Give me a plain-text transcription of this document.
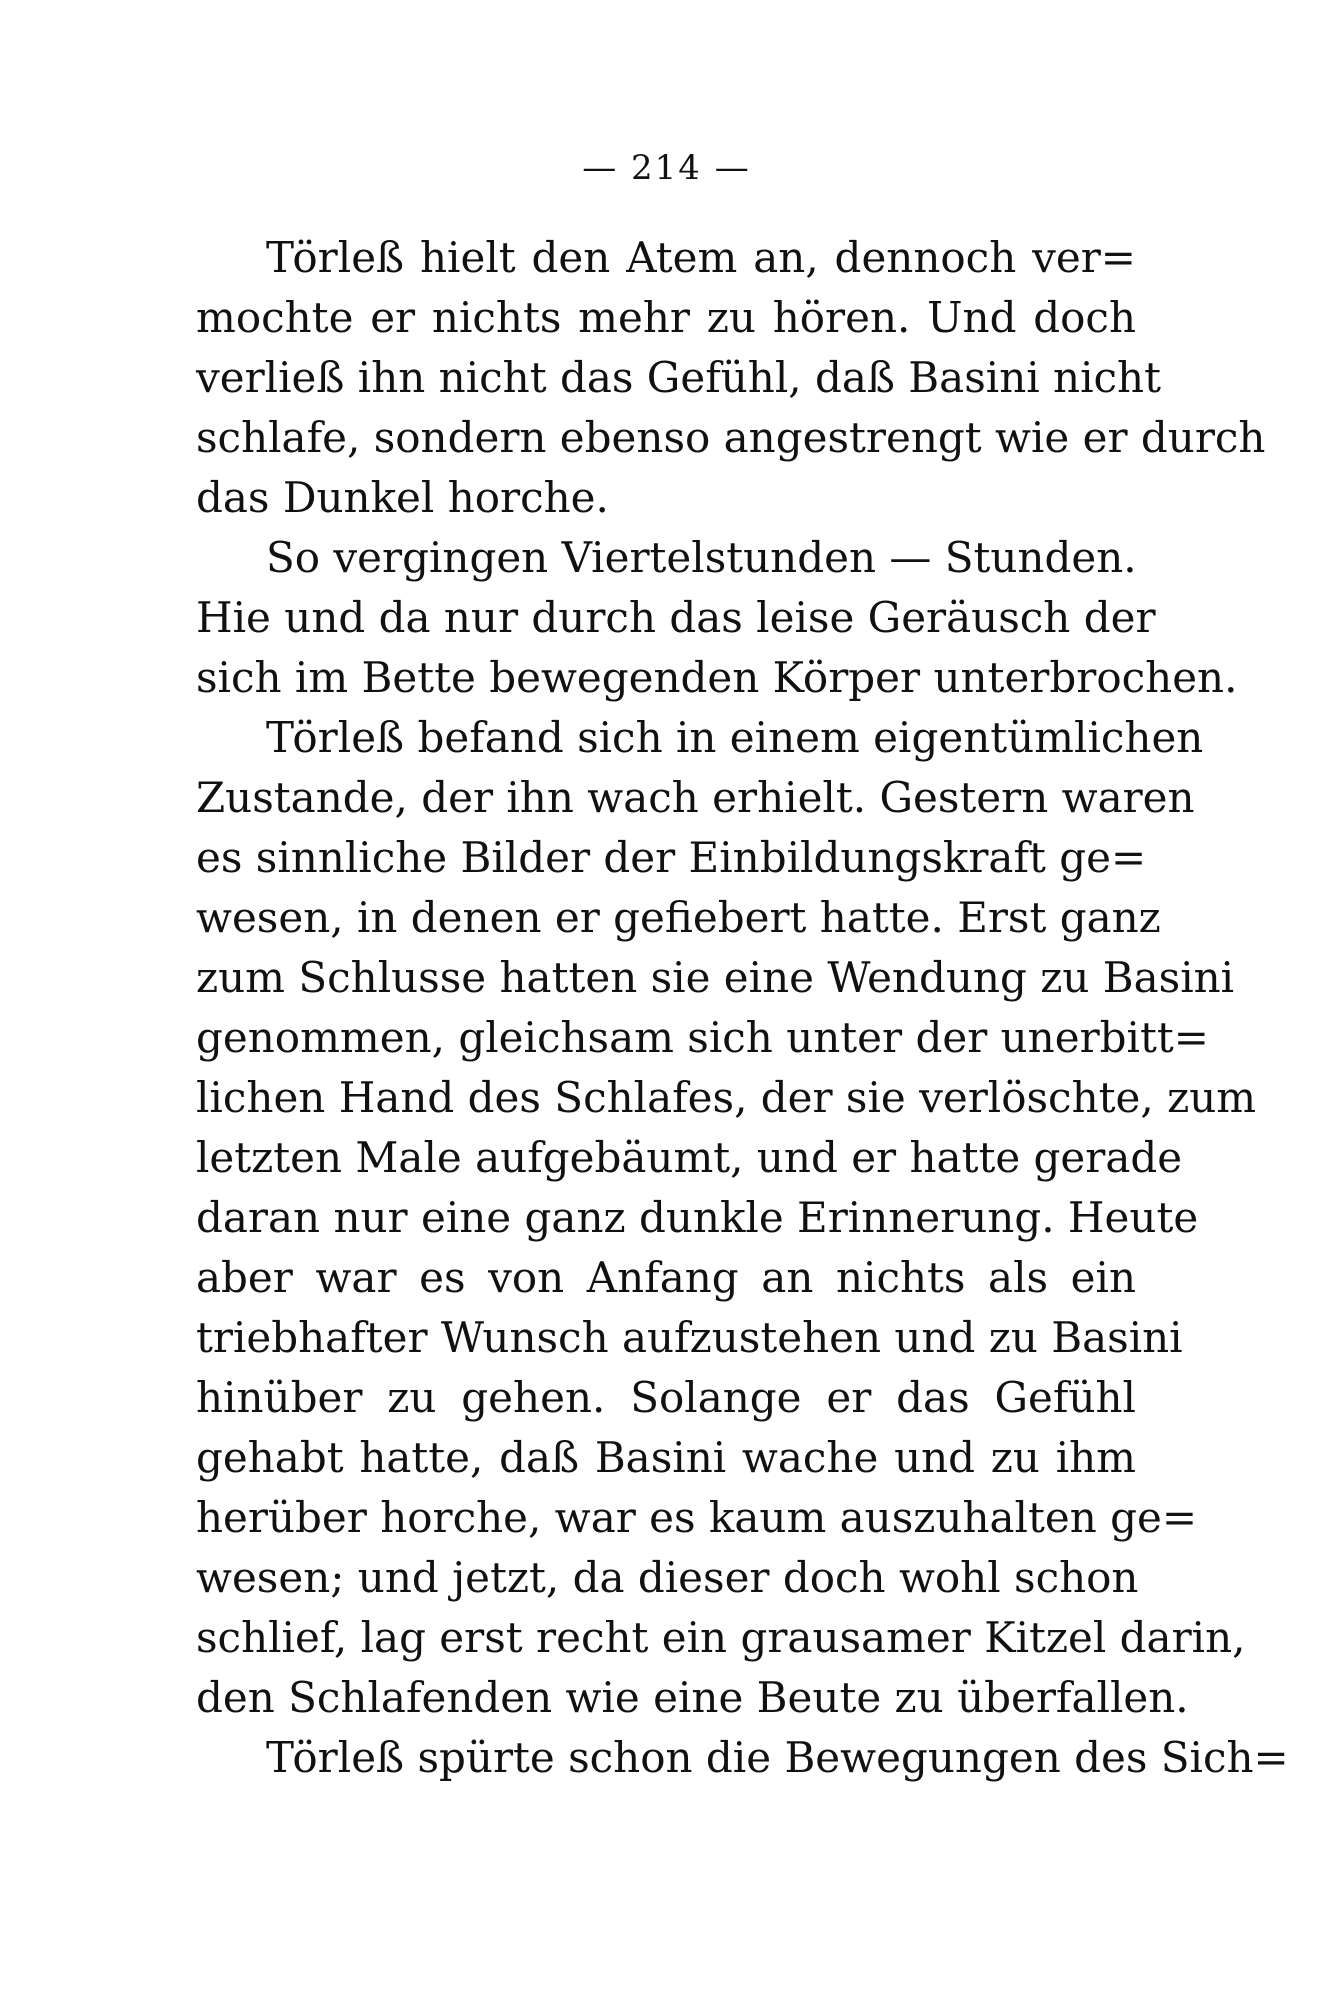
— 214 —
Törleß hielt den Atem an, dennoch ver=
mochte er nichts mehr zu hören. Und doch
verließ ihn nicht das Gefühl, daß Basini nicht
schlafe, sondern ebenso angestrengt wie er durch
das Dunkel horche.
So vergingen Viertelstunden — Stunden.
Hie und da nur durch das leise Geräusch der
sich im Bette bewegenden Körper unterbrochen.
Törleß befand sich in einem eigentümlichen
Zustande, der ihn wach erhielt. Gestern waren
es sinnliche Bilder der Einbildungskraft ge=
wesen, in denen er gefiebert hatte. Erst ganz
zum Schlusse hatten sie eine Wendung zu Basini
genommen, gleichsam sich unter der unerbitt=
lichen Hand des Schlafes, der sie verlöschte, zum
letzten Male aufgebäumt, und er hatte gerade
daran nur eine ganz dunkle Erinnerung. Heute
aber war es von Anfang an nichts als ein
triebhafter Wunsch aufzustehen und zu Basini
hinüber zu gehen. Solange er das Gefühl
gehabt hatte, daß Basini wache und zu ihm
herüber horche, war es kaum auszuhalten ge=
wesen; und jetzt, da dieser doch wohl schon
schlief, lag erst recht ein grausamer Kitzel darin,
den Schlafenden wie eine Beute zu überfallen.
Törleß spürte schon die Bewegungen des Sich=
